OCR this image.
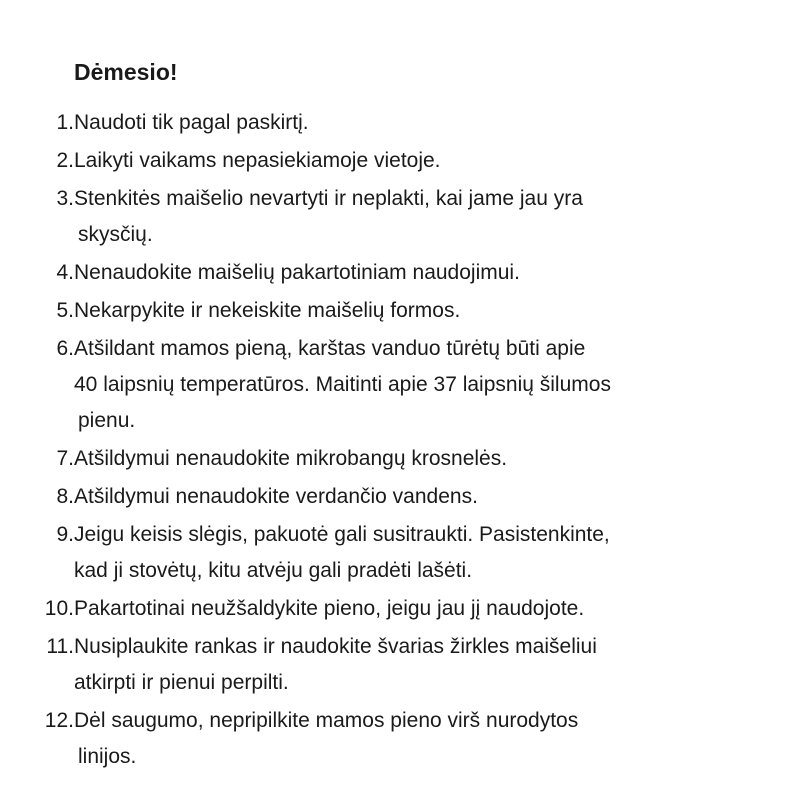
Dėmesio!
1. Naudoti tik pagal paskirtį.
2. Laikyti vaikams nepasiekiamoje vietoje.
3. Stenkitės maišelio nevartyti ir neplakti, kai jame jau yra
skysčių.
4. Nenaudokite maišelių pakartotiniam naudojimui.
5. Nekarpykite ir nekeiskite maišelių formos.
6. Atšildant mamos pieną, karštas vanduo tūrėtų būti apie
40 laipsnių temperatūros. Maitinti apie 37 laipsnių šilumos
pienu.
7. Atšildymui nenaudokite mikrobangų krosnelės.
8. Atšildymui nenaudokite verdančio vandens.
9. Jeigu keisis slėgis, pakuotė gali susitraukti. Pasistenkinte,
kad ji stovėtų, kitu atvėju gali pradėti lašėti.
10. Pakartotinai neužšaldykite pieno, jeigu jau jį naudojote.
11. Nusiplaukite rankas ir naudokite švarias žirkles maišeliui
atkirpti ir pienui perpilti.
12. Dėl saugumo, nepripilkite mamos pieno virš nurodytos
linijos.
